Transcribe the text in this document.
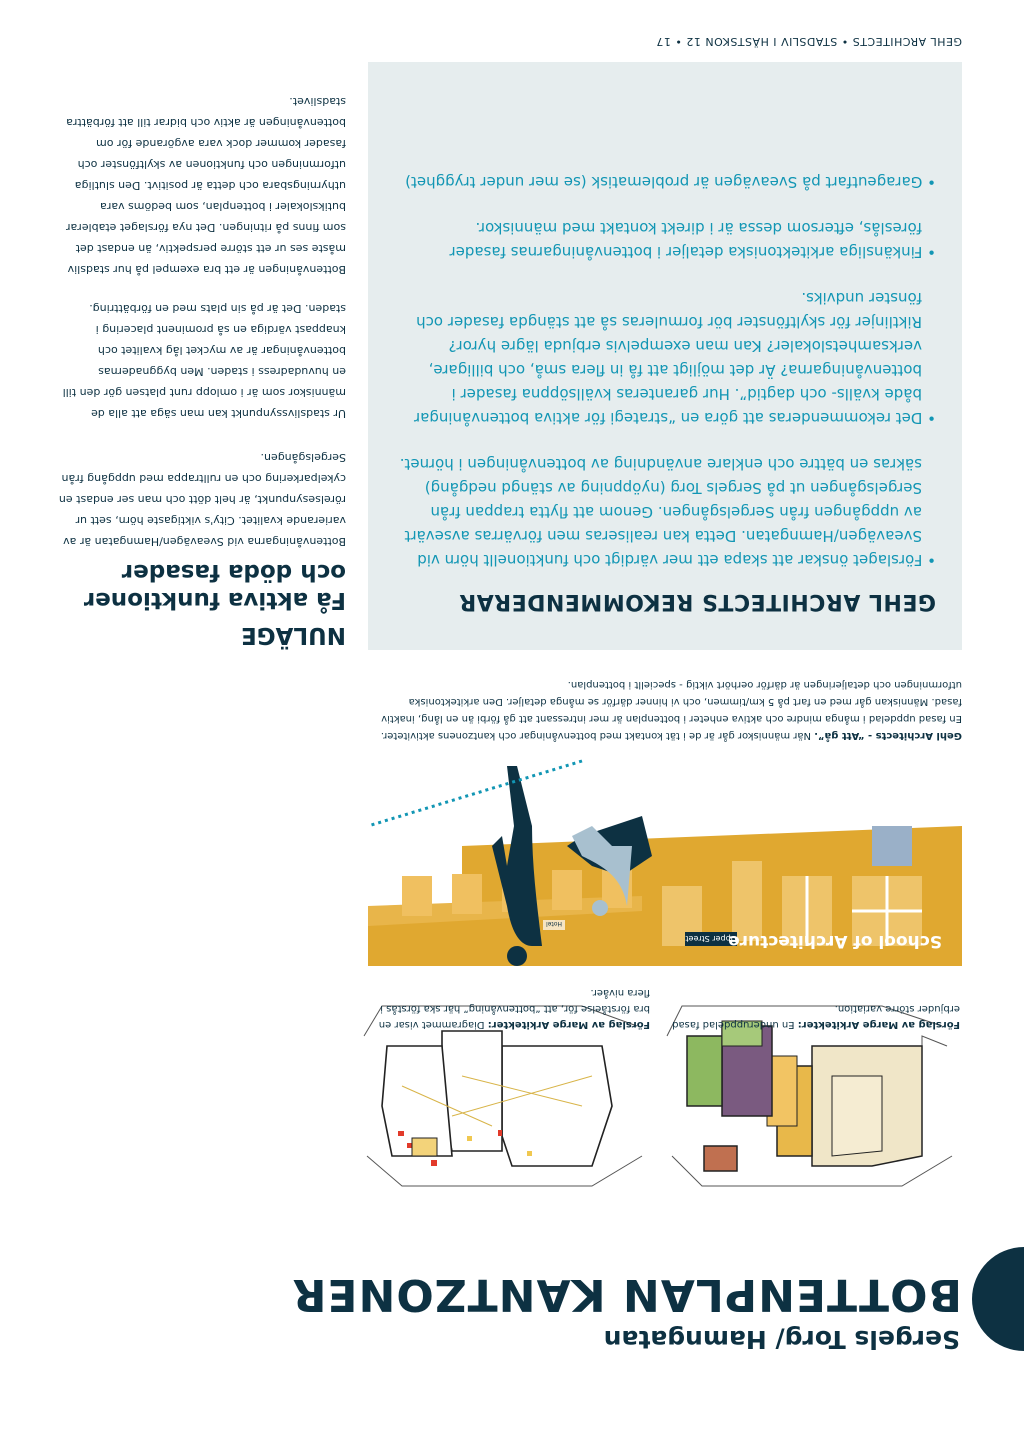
Sergels Torg/ Hamngatan
BOTTENPLAN KANTZONER
Förslag av Marge Arkitekter: En underuppdelad fasad erbjuder större variation.
Förslag av Marge Arkitekter: Diagrammet visar en bra förståelse för, att “bottenvåning” här ska förstås i flera nivåer.
Upper Street
Hotel
School of Architecture
Gehl Architects - “Att gå”. När människor går är de i tät kontakt med bottenvåningar och kantzonens aktiviteter. En fasad uppdelad i många mindre och aktiva enheter i bottenplan är mer intressant att gå förbi än en lång, inaktiv fasad. Människan går med en fart på 5 km/timmen, och vi hinner därför se många detaljer. Den arkitektoniska utformningen och detaljeringen är därför oerhört viktig - speciellt i bottenplan.
GEHL ARCHITECTS REKOMMENDERAR
• Förslaget önskar att skapa ett mer värdigt och funktionellt hörn vid Sveavägen/Hamngatan. Detta kan realiseras men förvärras avsevärt av uppgången från Sergelsgången. Genom att flytta trappan från Sergelsgången ut på Sergels Torg (nyöppning av stängd nedgång) säkras en bättre och enklare användning av bottenvåningen i hörnet.
• Det rekommenderas att göra en “strategi för aktiva bottenvåningar både kvälls- och dagtid”. Hur garanteras kvällsöppna fasader i bottenvåningarna? Är det möjligt att få in flera små, och billigare, verksamhetslokaler? Kan man exempelvis erbjuda lägre hyror? Riktlinjer för skyltfönster bör formuleras så att stängda fasader och fönster undviks.
• Finkänsliga arkitektoniska detaljer i bottenvåningarnas fasader föreslås, eftersom dessa är i direkt kontakt med människor.
• Garageutfart på Sveavägen är problematisk (se mer under trygghet)
NULÄGE
Få aktiva funktioner och döda fasader
Bottenvåningarna vid Sveavägen/Hamngatan är av varierande kvalitet. City's viktigaste hörn, sett ur rörelsesynpunkt, är helt dött och man ser endast en cykelparkering och en rulltrappa med uppgång från Sergelsgången.
Ur stadslivssynpunkt kan man säga att alla de människor som är i omlopp runt platsen gör den till en huvudadress i staden. Men byggnadernas bottenvåningar är av mycket låg kvalitet och knappast värdiga en så prominent placering i staden. Det är på sin plats med en förbättring.
Bottenvåningen är ett bra exempel på hur stadsliv måste ses ur ett större perspektiv, än endast det som finns på ritningen. Det nya förslaget etablerar butikslokaler i bottenplan, som bedöms vara uthyrningsbara och detta är positivt. Den slutliga utformningen och funktionen av skyltfönster och fasader kommer dock vara avgörande för om bottenvåningen är aktiv och bidrar till att förbättra stadslivet.
GEHL ARCHITECTS • STADSLIV I HÄSTSKON 12 • 17
